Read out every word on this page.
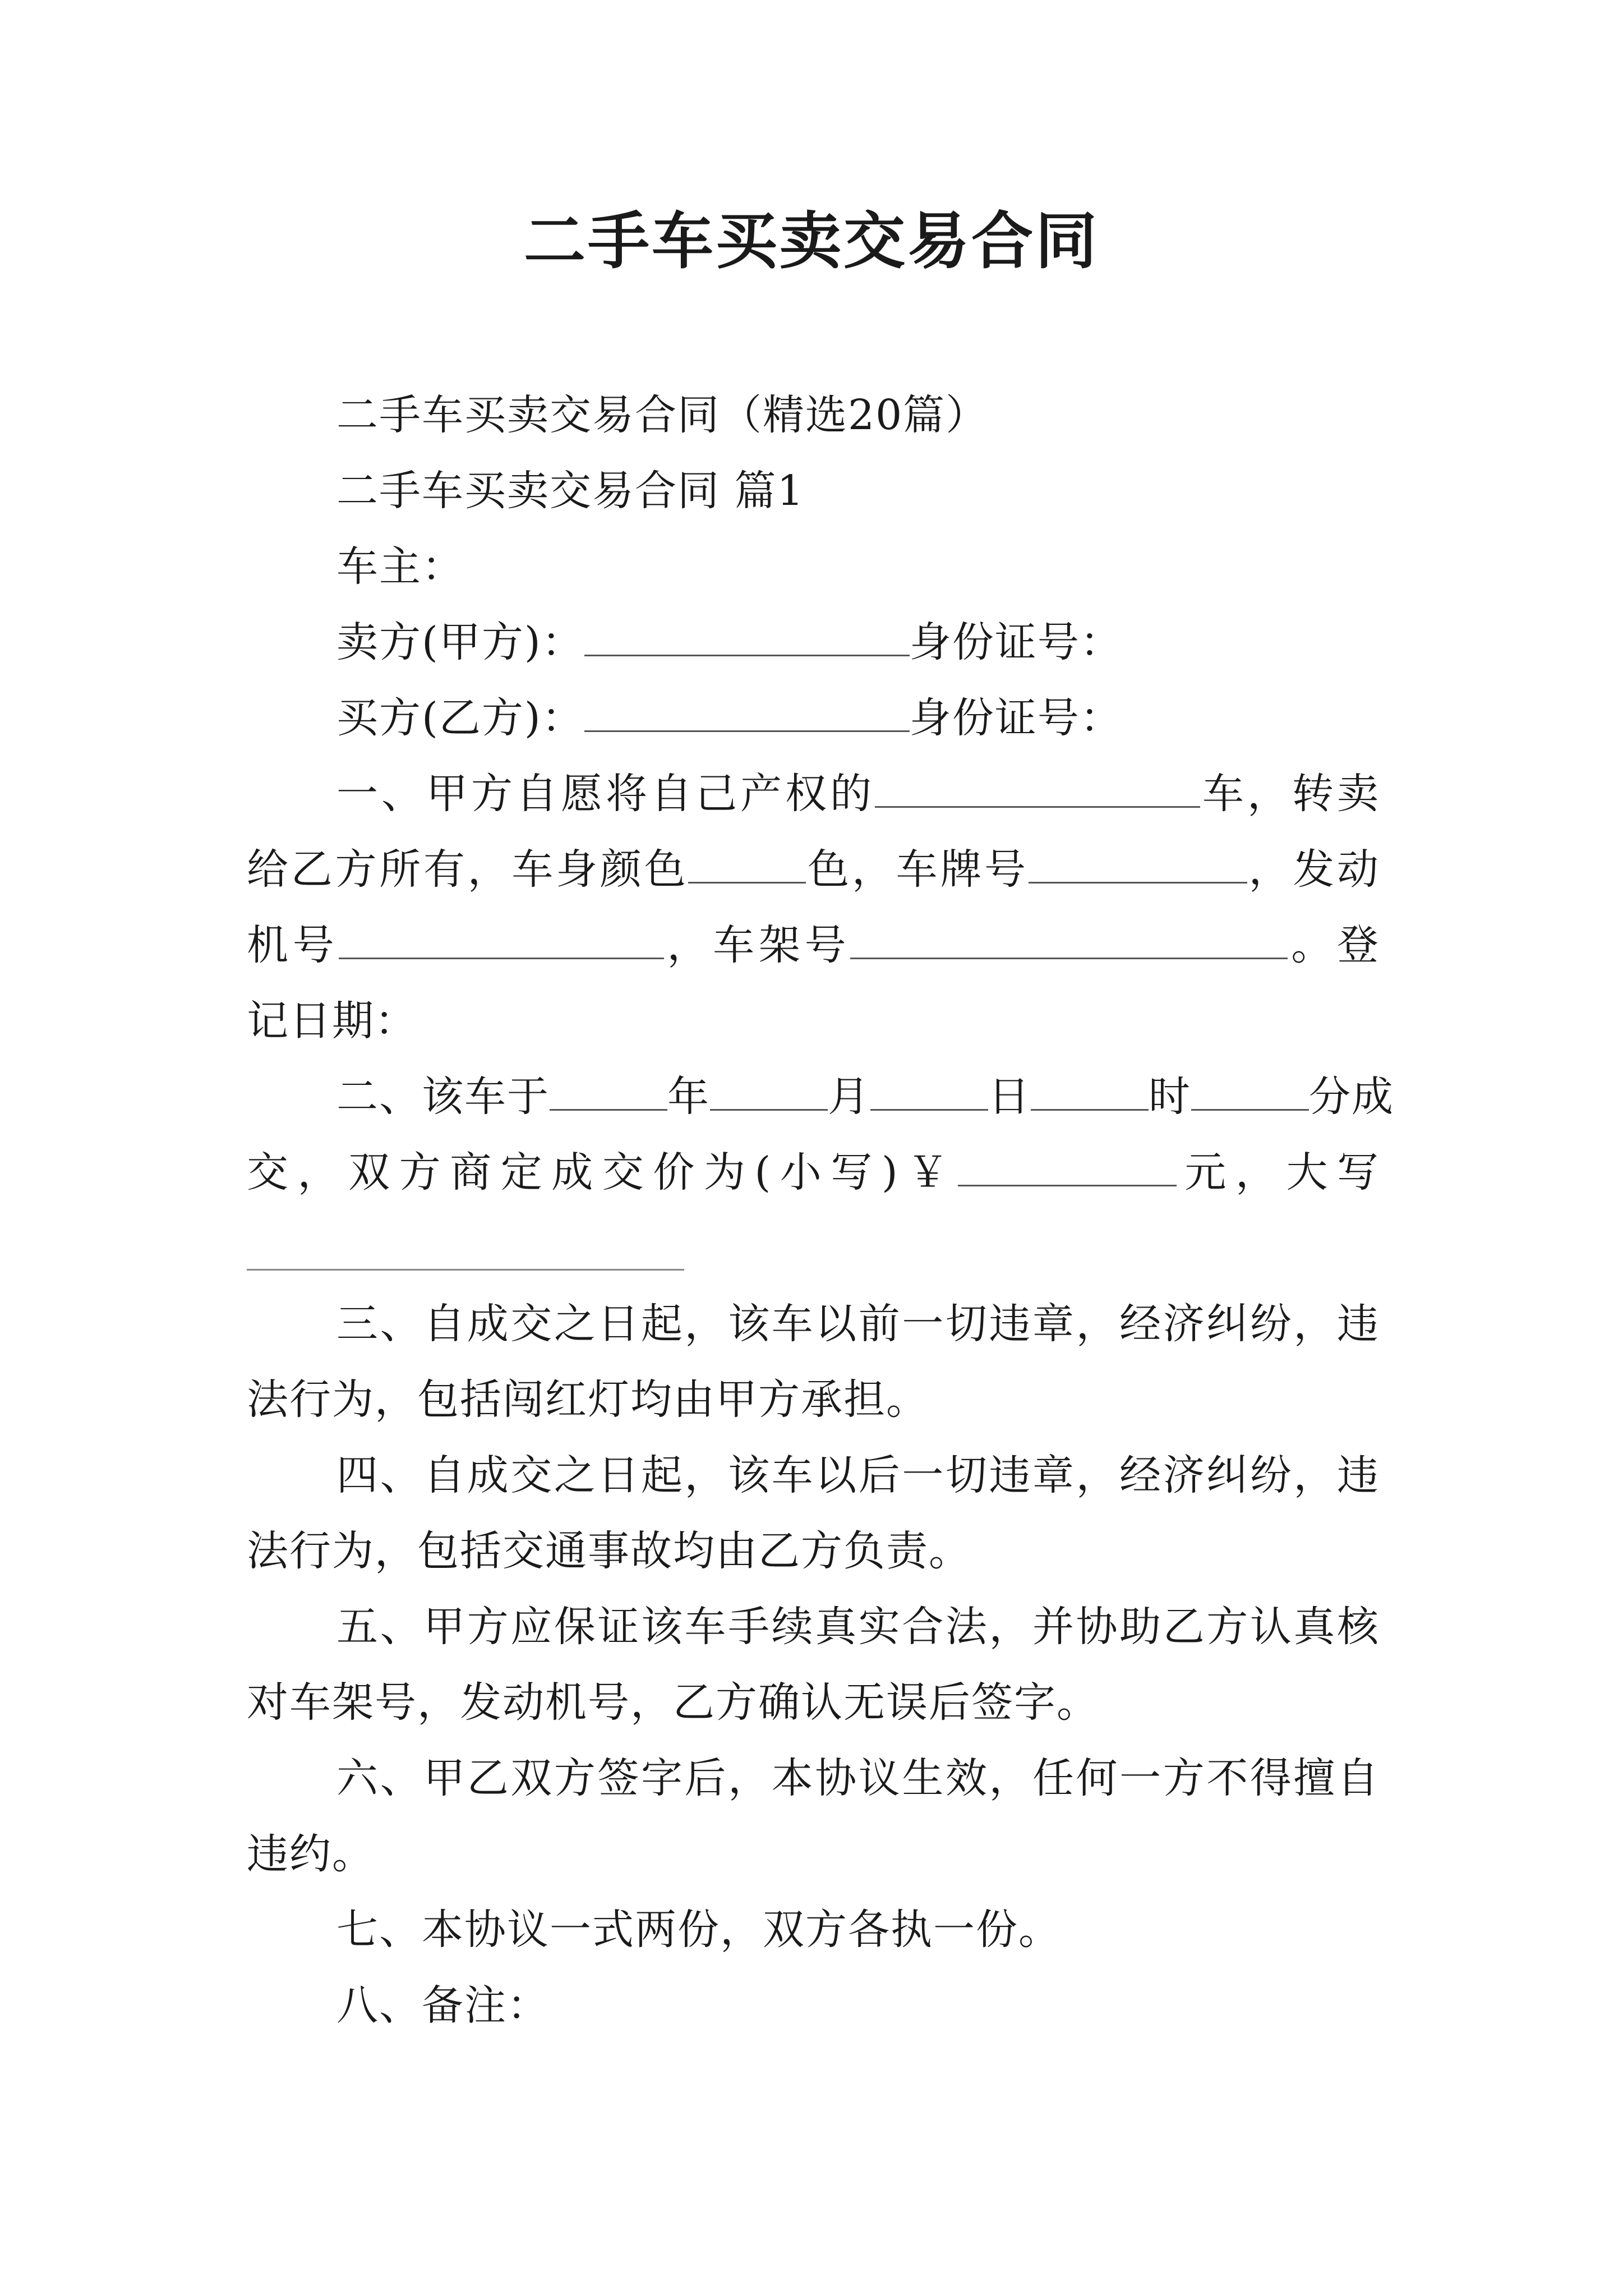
二手车买卖交易合同
二手车买卖交易合同（精选20篇）
二手车买卖交易合同 篇1
车主：
卖方(甲方)：	身份证号：
买方(乙方)：	身份证号：
一、甲方自愿将自己产权的	车，转卖
给乙方所有，车身颜色	色，车牌号	，发动
机号	，车架号	。登
记日期：
二、该车于	年	月	日	时	分成
交，双方商定成交价为(小写)￥	元，大写
三、自成交之日起，该车以前一切违章，经济纠纷，违
法行为，包括闯红灯均由甲方承担。
四、自成交之日起，该车以后一切违章，经济纠纷，违
法行为，包括交通事故均由乙方负责。
五、甲方应保证该车手续真实合法，并协助乙方认真核
对车架号，发动机号，乙方确认无误后签字。
六、甲乙双方签字后，本协议生效，任何一方不得擅自
违约。
七、本协议一式两份，双方各执一份。
八、备注：
